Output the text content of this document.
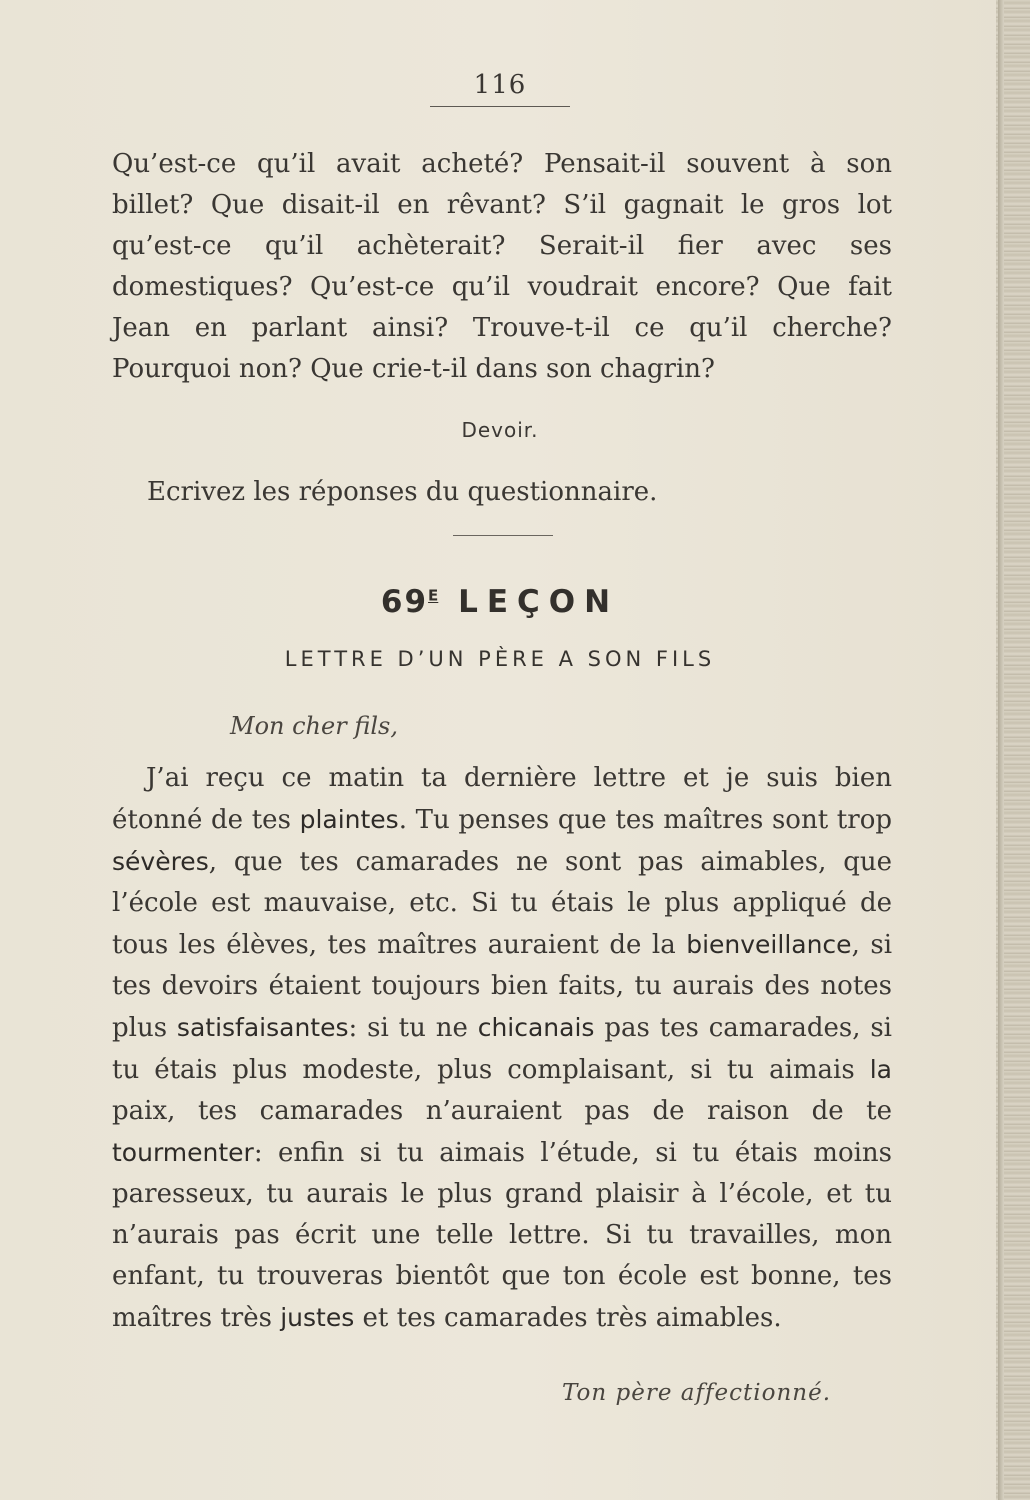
116

Qu’est-ce qu’il avait acheté? Pensait-il souvent à son billet? Que disait-il en rêvant? S’il gagnait le gros lot qu’est-ce qu’il achèterait? Serait-il fier avec ses domestiques? Qu’est-ce qu’il voudrait encore? Que fait Jean en parlant ainsi? Trouve-t-il ce qu’il cherche? Pourquoi non? Que crie-t-il dans son chagrin?

Devoir.
Ecrivez les réponses du questionnaire.
$69^E$ LEÇON
LETTRE D’UN PÈRE A SON FILS
Mon cher fils,

J’ai reçu ce matin ta dernière lettre et je suis bien étonné de tes plaintes. Tu penses que tes maîtres sont trop sévères, que tes camarades ne sont pas aimables, que l’école est mauvaise, etc. Si tu étais le plus appliqué de tous les élèves, tes maîtres auraient de la bienveillance, si tes devoirs étaient toujours bien faits, tu aurais des notes plus satisfaisantes: si tu ne chicanais pas tes camarades, si tu étais plus modeste, plus complaisant, si tu aimais la paix, tes camarades n’auraient pas de raison de te tourmenter: enfin si tu aimais l’étude, si tu étais moins paresseux, tu aurais le plus grand plaisir à l’école, et tu n’aurais pas écrit une telle lettre. Si tu travailles, mon enfant, tu trouveras bientôt que ton école est bonne, tes maîtres très justes et tes camarades très aimables.

Ton père affectionné.
